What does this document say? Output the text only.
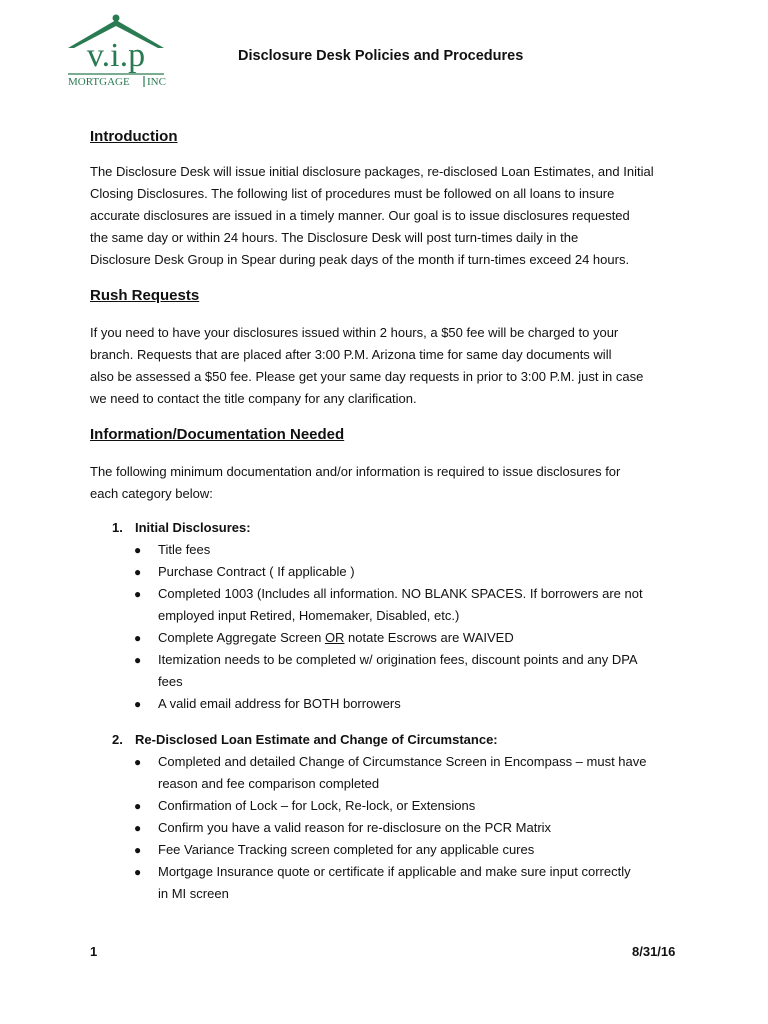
v.i.p
MORTGAGE INC
Disclosure Desk Policies and Procedures
Introduction

The Disclosure Desk will issue initial disclosure packages, re-disclosed Loan Estimates, and Initial

Closing Disclosures. The following list of procedures must be followed on all loans to insure

accurate disclosures are issued in a timely manner. Our goal is to issue disclosures requested

the same day or within 24 hours. The Disclosure Desk will post turn-times daily in the

Disclosure Desk Group in Spear during peak days of the month if turn-times exceed 24 hours.

Rush Requests

If you need to have your disclosures issued within 2 hours, a $50 fee will be charged to your

branch. Requests that are placed after 3:00 P.M. Arizona time for same day documents will

also be assessed a $50 fee. Please get your same day requests in prior to 3:00 P.M. just in case

we need to contact the title company for any clarification.

Information/Documentation Needed

The following minimum documentation and/or information is required to issue disclosures for

each category below:

1. Initial Disclosures:
● Title fees
● Purchase Contract ( If applicable )
● Completed 1003 (Includes all information. NO BLANK SPACES. If borrowers are not
employed input Retired, Homemaker, Disabled, etc.)
● Complete Aggregate Screen OR notate Escrows are WAIVED
● Itemization needs to be completed w/ origination fees, discount points and any DPA
fees
● A valid email address for BOTH borrowers
2. Re-Disclosed Loan Estimate and Change of Circumstance:
● Completed and detailed Change of Circumstance Screen in Encompass – must have
reason and fee comparison completed
● Confirmation of Lock – for Lock, Re-lock, or Extensions
● Confirm you have a valid reason for re-disclosure on the PCR Matrix
● Fee Variance Tracking screen completed for any applicable cures
● Mortgage Insurance quote or certificate if applicable and make sure input correctly
in MI screen
1	8/31/16
